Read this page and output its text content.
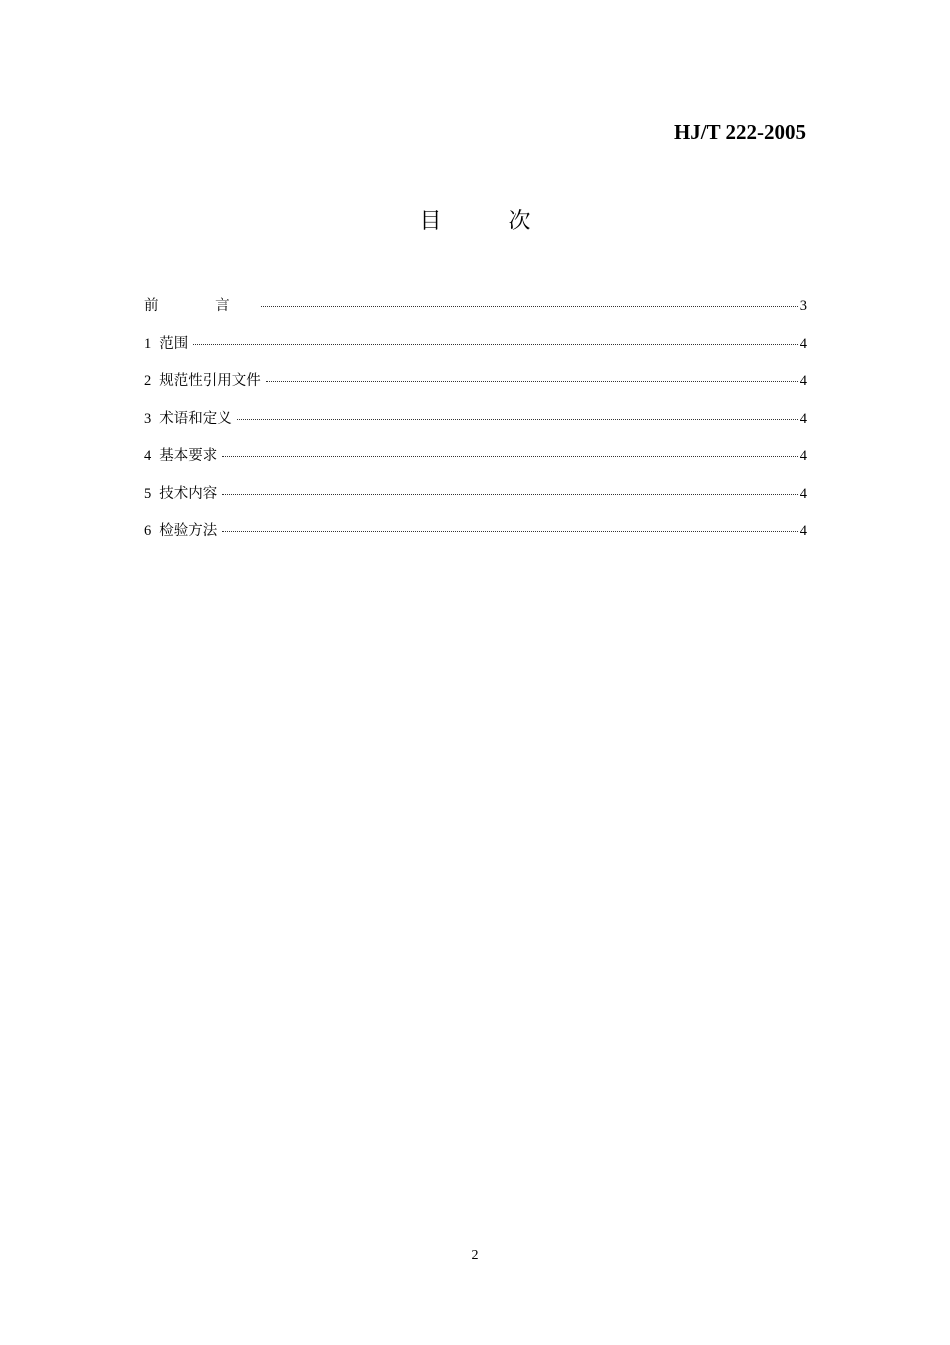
HJ/T 222-2005
目 次
前 言	3
1 范围	4
2 规范性引用文件	4
3 术语和定义	4
4 基本要求	4
5 技术内容	4
6 检验方法	4
2
